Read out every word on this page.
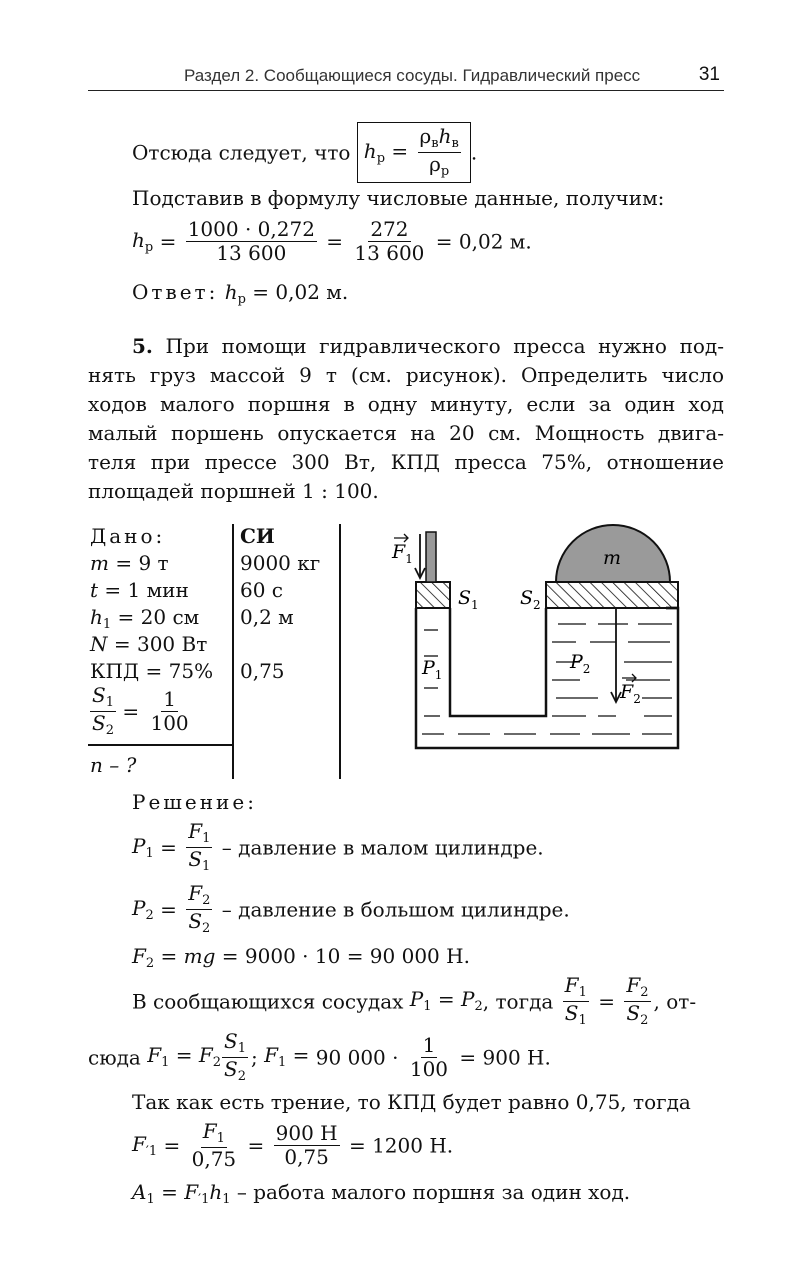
Раздел 2. Сообщающиеся сосуды. Гидравлический пресс	31
Отсюда следует, что $h_р = \frac{\rho_вh_в}{\rho_р}$ .
Подставив в формулу числовые данные, получим:
$h_р = \frac{1000 \cdot 0,272}{13 600} = \frac{272}{13 600} = 0,02$ м.
Ответ: $h_р = 0,02$ м.
5. При помощи гидравлического пресса нужно под-
нять груз массой 9 т (см. рисунок). Определить число
ходов малого поршня в одну минуту, если за один ход
малый поршень опускается на 20 см. Мощность двига-
теля при прессе 300 Вт, КПД пресса 75%, отношение
площадей поршней 1 : 100.
Дано:	СИ
m = 9 т	9000 кг
t = 1 мин	60 с
$h_1 = 20$ см 0,2 м
N = 300 Вт
КПД = 75% 0,75
$\frac{S_1}{S_2} = \frac{1}{100}$
n – ?
$F_1$
$S_1$ $S_2$
m
$P_1$
$P_2$
$F_2$
Решение:
$P_1 = \frac{F_1}{S_1}$ – давление в малом цилиндре.
$P_2 = \frac{F_2}{S_2}$ – давление в большом цилиндре.
$F_2$ = mg = 9000 · 10 = 90 000 Н.
В сообщающихся сосудах $P_1 = P_2$, тогда $\frac{F_1}{S_1} = \frac{F_2}{S_2}$ , от-
сюда $F_1 = F_2 \frac{S_1}{S_2}$ ; $F_1 = 90$ $000 \cdot \frac{1}{100} = 900$ Н.
Так как есть трение, то КПД будет равно 0,75, тогда
$F_{'1} = \frac{F_1}{0,75} = \frac{900 Н}{0,75} = 1200$ Н.
$A_1 = F_{'1}h_1$ – работа малого поршня за один ход.
